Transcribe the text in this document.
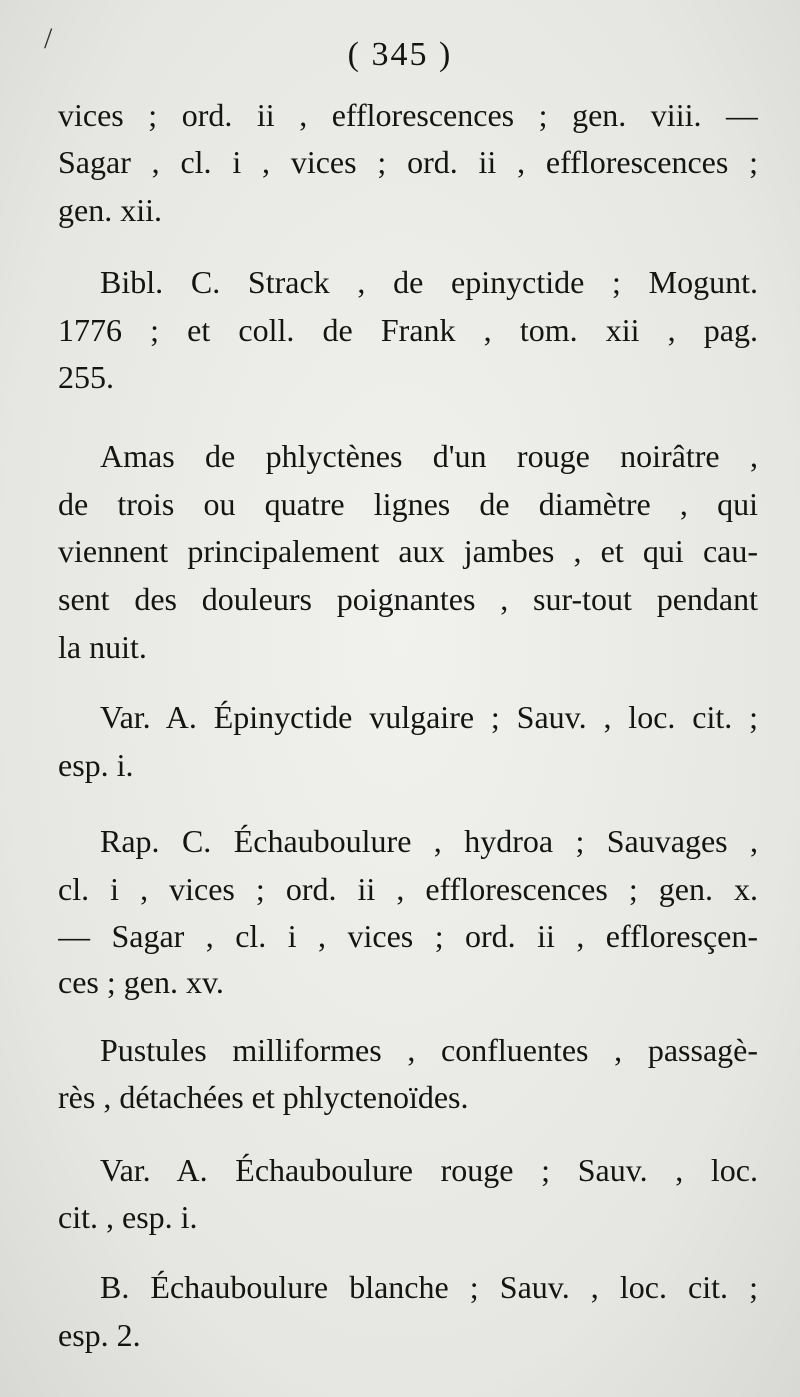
/	( 345 )
vices ; ord. ii , efflorescences ; gen. viii. —
Sagar , cl. i , vices ; ord. ii , efflorescences ;
gen. xii.
Bibl. C. Strack , de epinyctide ; Mogunt.
1776 ; et coll. de Frank , tom. xii , pag.
255.
Amas de phlyctènes d'un rouge noirâtre ,
de trois ou quatre lignes de diamètre , qui
viennent principalement aux jambes , et qui cau-
sent des douleurs poignantes , sur-tout pendant
la nuit.
Var. A. Épinyctide vulgaire ; Sauv. , loc. cit. ;
esp. i.
Rap. C. Échauboulure , hydroa ; Sauvages ,
cl. i , vices ; ord. ii , efflorescences ; gen. x.
— Sagar , cl. i , vices ; ord. ii , effloresçen-
ces ; gen. xv.
Pustules milliformes , confluentes , passagè-
rès , détachées et phlyctenoïdes.
Var. A. Échauboulure rouge ; Sauv. , loc.
cit. , esp. i.
B. Échauboulure blanche ; Sauv. , loc. cit. ;
esp. 2.
